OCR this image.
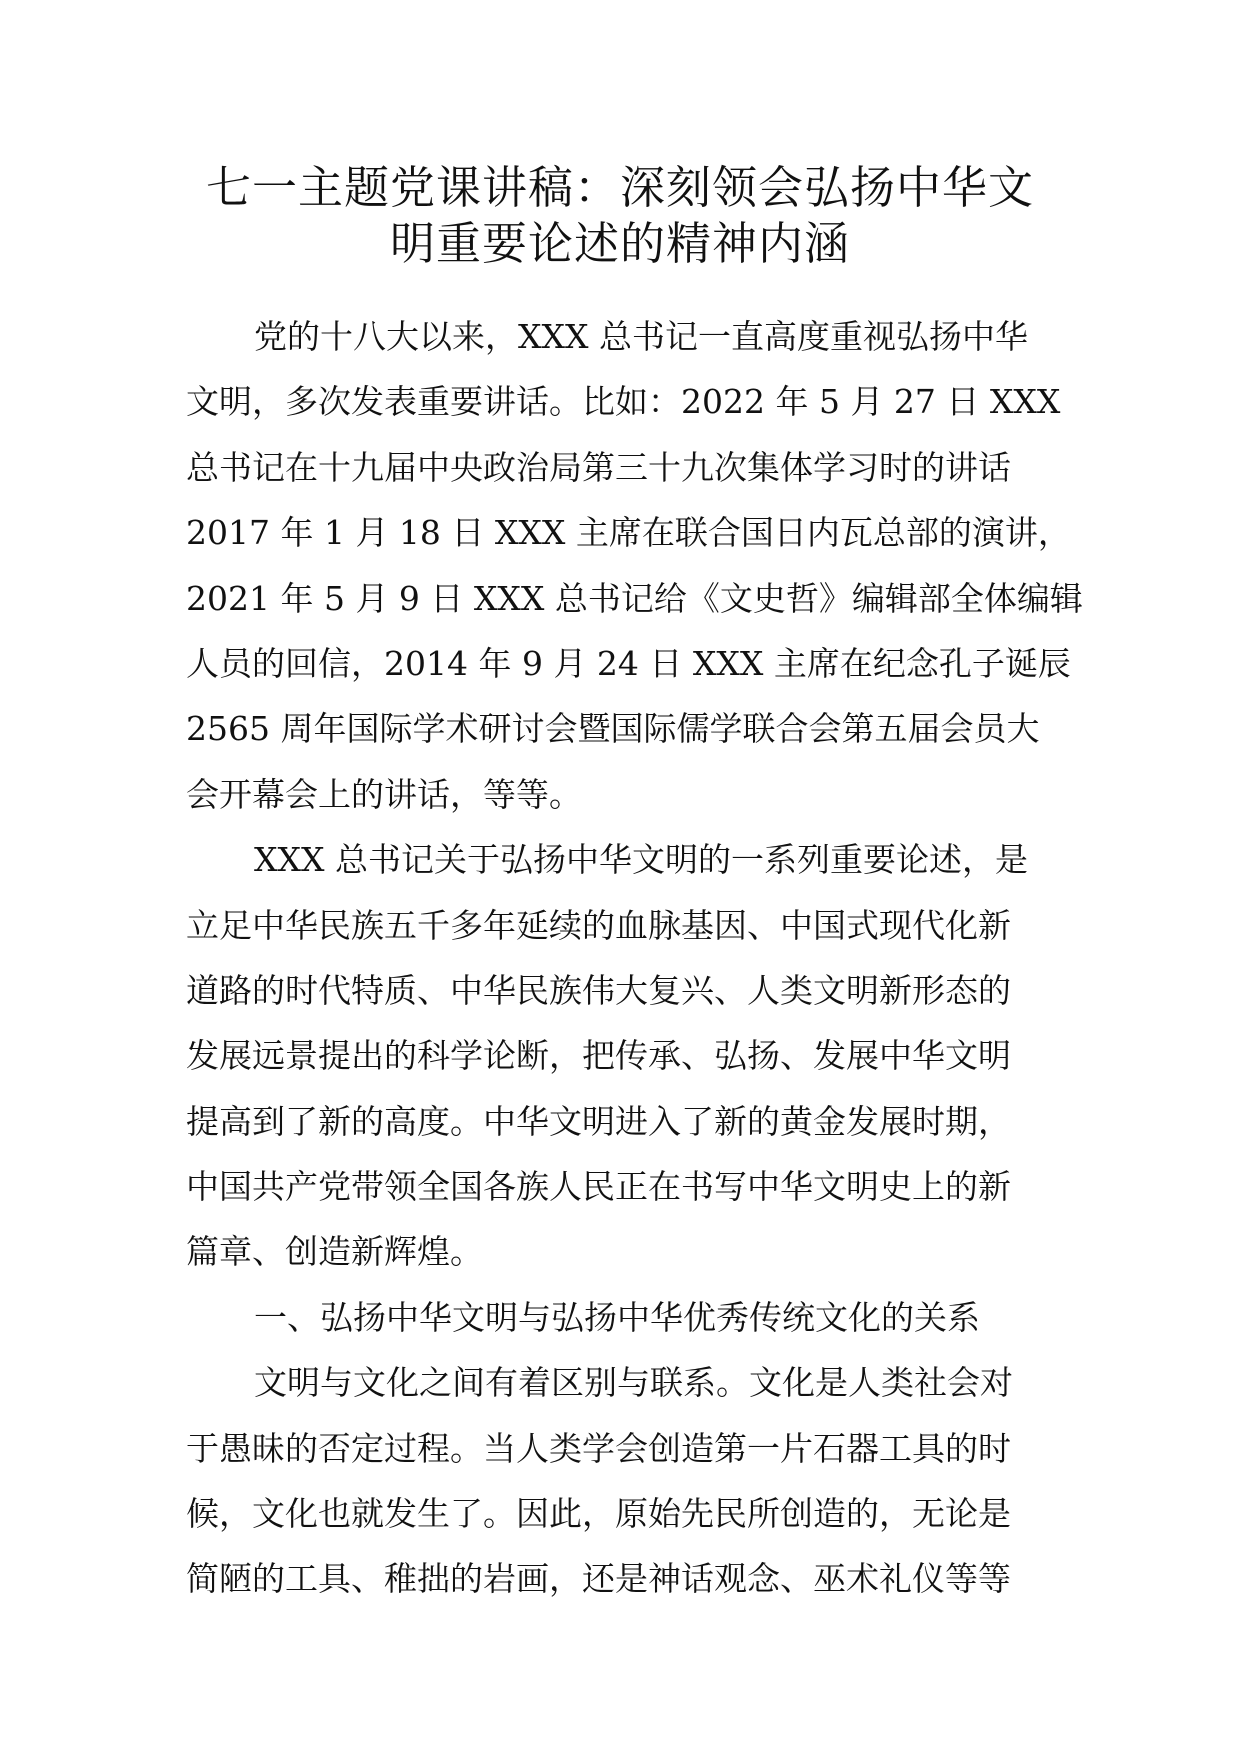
七一主题党课讲稿：深刻领会弘扬中华文
明重要论述的精神内涵
党的十八大以来，XXX 总书记一直高度重视弘扬中华
文明，多次发表重要讲话。比如：2022 年 5 月 27 日 XXX
总书记在十九届中央政治局第三十九次集体学习时的讲话
2017 年 1 月 18 日 XXX 主席在联合国日内瓦总部的演讲，
2021 年 5 月 9 日 XXX 总书记给《文史哲》编辑部全体编辑
人员的回信，2014 年 9 月 24 日 XXX 主席在纪念孔子诞辰
2565 周年国际学术研讨会暨国际儒学联合会第五届会员大
会开幕会上的讲话，等等。
XXX 总书记关于弘扬中华文明的一系列重要论述，是
立足中华民族五千多年延续的血脉基因、中国式现代化新
道路的时代特质、中华民族伟大复兴、人类文明新形态的
发展远景提出的科学论断，把传承、弘扬、发展中华文明
提高到了新的高度。中华文明进入了新的黄金发展时期，
中国共产党带领全国各族人民正在书写中华文明史上的新
篇章、创造新辉煌。
一、弘扬中华文明与弘扬中华优秀传统文化的关系
文明与文化之间有着区别与联系。文化是人类社会对
于愚昧的否定过程。当人类学会创造第一片石器工具的时
候，文化也就发生了。因此，原始先民所创造的，无论是
简陋的工具、稚拙的岩画，还是神话观念、巫术礼仪等等
